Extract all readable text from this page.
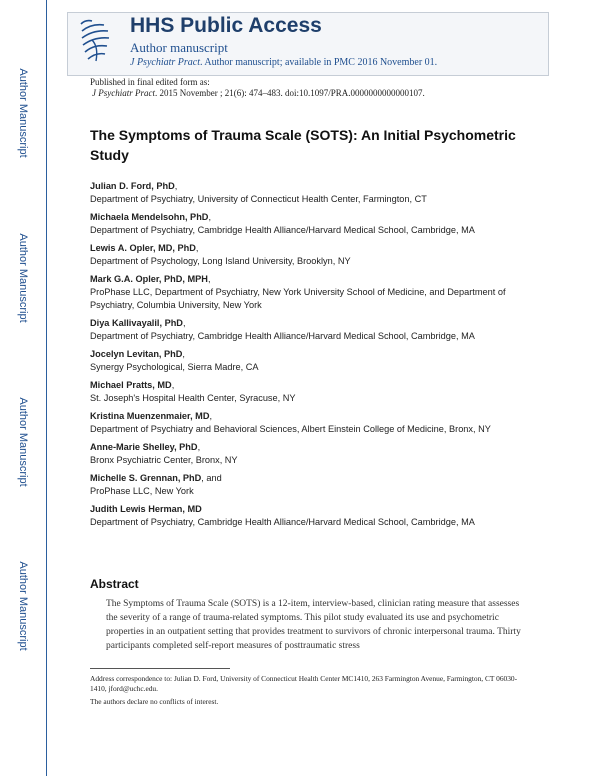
Author Manuscript
Author Manuscript
Author Manuscript
Author Manuscript
HHS Public Access
Author manuscript
J Psychiatr Pract. Author manuscript; available in PMC 2016 November 01.
Published in final edited form as:
J Psychiatr Pract. 2015 November ; 21(6): 474–483. doi:10.1097/PRA.0000000000000107.
The Symptoms of Trauma Scale (SOTS): An Initial Psychometric Study
Julian D. Ford, PhD,
Department of Psychiatry, University of Connecticut Health Center, Farmington, CT
Michaela Mendelsohn, PhD,
Department of Psychiatry, Cambridge Health Alliance/Harvard Medical School, Cambridge, MA
Lewis A. Opler, MD, PhD,
Department of Psychology, Long Island University, Brooklyn, NY
Mark G.A. Opler, PhD, MPH,
ProPhase LLC, Department of Psychiatry, New York University School of Medicine, and Department of Psychiatry, Columbia University, New York
Diya Kallivayalil, PhD,
Department of Psychiatry, Cambridge Health Alliance/Harvard Medical School, Cambridge, MA
Jocelyn Levitan, PhD,
Synergy Psychological, Sierra Madre, CA
Michael Pratts, MD,
St. Joseph's Hospital Health Center, Syracuse, NY
Kristina Muenzenmaier, MD,
Department of Psychiatry and Behavioral Sciences, Albert Einstein College of Medicine, Bronx, NY
Anne-Marie Shelley, PhD,
Bronx Psychiatric Center, Bronx, NY
Michelle S. Grennan, PhD, and
ProPhase LLC, New York
Judith Lewis Herman, MD
Department of Psychiatry, Cambridge Health Alliance/Harvard Medical School, Cambridge, MA
Abstract
The Symptoms of Trauma Scale (SOTS) is a 12-item, interview-based, clinician rating measure that assesses the severity of a range of trauma-related symptoms. This pilot study evaluated its use and psychometric properties in an outpatient setting that provides treatment to survivors of chronic interpersonal trauma. Thirty participants completed self-report measures of posttraumatic stress

Address correspondence to: Julian D. Ford, University of Connecticut Health Center MC1410, 263 Farmington Avenue, Farmington, CT 06030-1410, jford@uchc.edu.

The authors declare no conflicts of interest.
